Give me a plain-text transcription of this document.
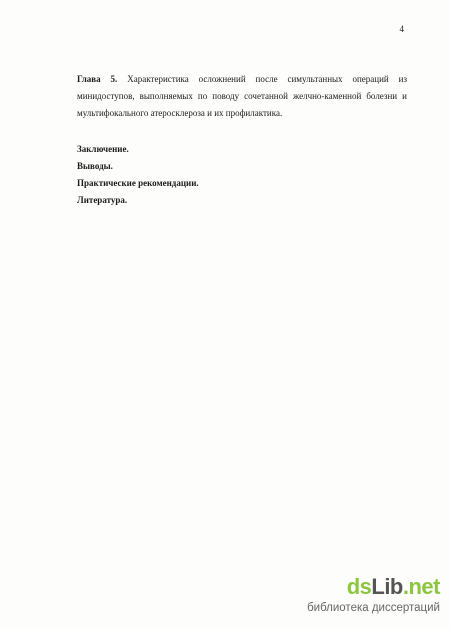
4
Глава 5. Характеристика осложнений после симультанных операций из минидоступов, выполняемых по поводу сочетанной желчно-каменной болезни и мультифокального атеросклероза и их профилактика.
Заключение.
Выводы.
Практические рекомендации.
Литература.
dsLib.net
библиотека диссертаций
